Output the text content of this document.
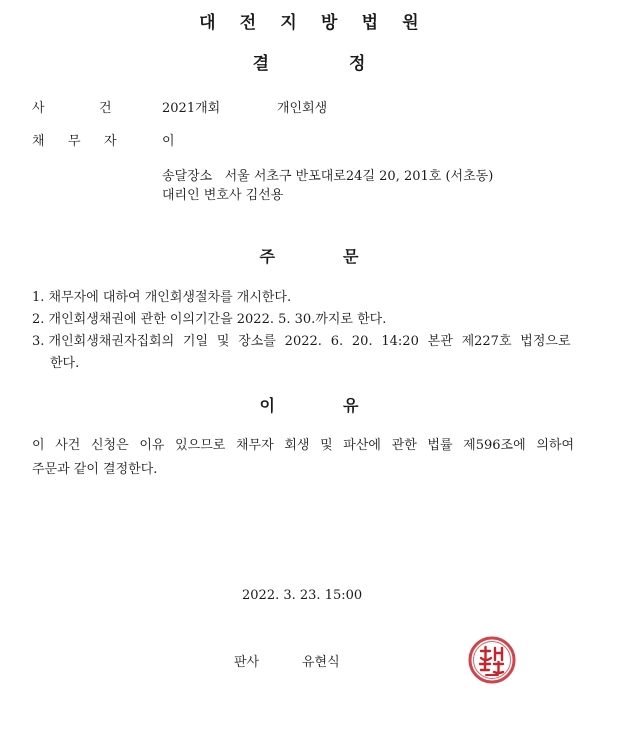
대 전 지 방 법 원
결	정
사	건	2021개회	개인회생
채 무 자	이
송달장소   서울 서초구 반포대로24길 20, 201호 (서초동)
대리인 변호사 김선용
주	문
1. 채무자에 대하여 개인회생절차를 개시한다.
2. 개인회생채권에 관한 이의기간을 2022. 5. 30.까지로 한다.
3. 개인회생채권자집회의 기일 및 장소를 2022. 6. 20. 14:20 본관 제227호 법정으로
한다.
이	유
이 사건 신청은 이유 있으므로 채무자 회생 및 파산에 관한 법률 제596조에 의하여
주문과 같이 결정한다.
2022. 3. 23. 15:00
판사	유현식
